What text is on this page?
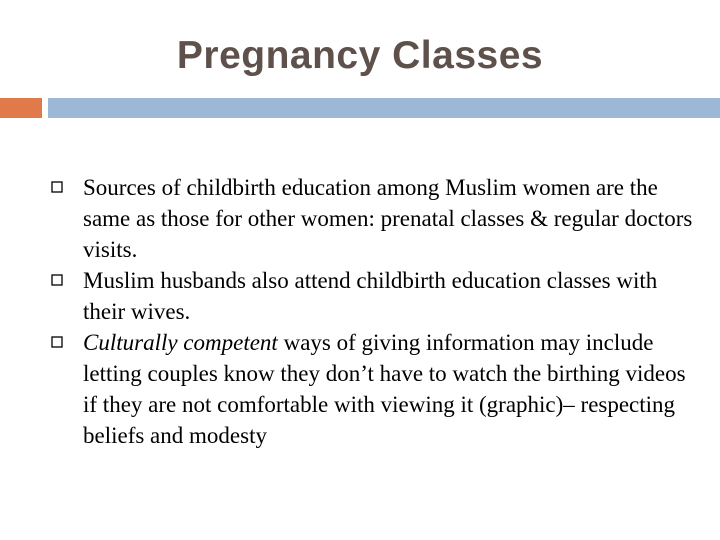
Pregnancy Classes
Sources of childbirth education among Muslim women are the same as those for other women: prenatal classes & regular doctors visits.
Muslim husbands also attend childbirth education classes with their wives.
Culturally competent ways of giving information may include letting couples know they don’t have to watch the birthing videos if they are not comfortable with viewing it (graphic)– respecting beliefs and modesty
